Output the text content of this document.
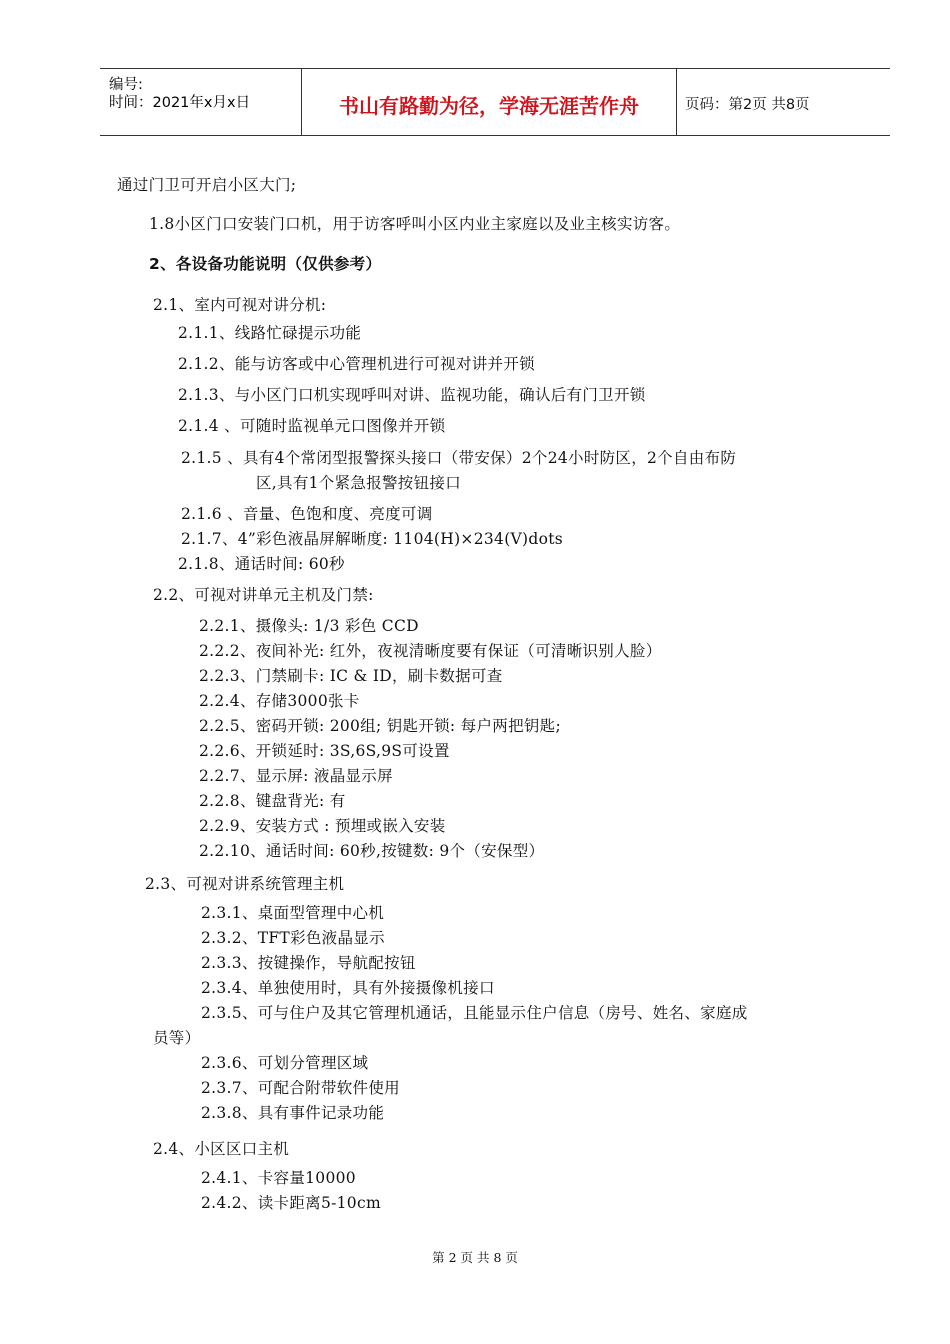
编号:
时间：2021年x月x日	书山有路勤为径，学海无涯苦作舟	页码：第2页 共8页
通过门卫可开启小区大门;
1.8小区门口安装门口机，用于访客呼叫小区内业主家庭以及业主核实访客。
2、各设备功能说明（仅供参考）
2.1、室内可视对讲分机:
2.1.1、线路忙碌提示功能
2.1.2、能与访客或中心管理机进行可视对讲并开锁
2.1.3、与小区门口机实现呼叫对讲、监视功能，确认后有门卫开锁
2.1.4 、可随时监视单元口图像并开锁
2.1.5 、具有4个常闭型报警探头接口（带安保）2个24小时防区，2个自由布防
区,具有1个紧急报警按钮接口
2.1.6 、音量、色饱和度、亮度可调
2.1.7、4”彩色液晶屏解晰度: 1104(H)×234(V)dots
2.1.8、通话时间: 60秒
2.2、可视对讲单元主机及门禁:
2.2.1、摄像头: 1/3 彩色 CCD
2.2.2、夜间补光: 红外，夜视清晰度要有保证（可清晰识别人脸）
2.2.3、门禁刷卡: IC & ID，刷卡数据可查
2.2.4、存储3000张卡
2.2.5、密码开锁: 200组; 钥匙开锁: 每户两把钥匙;
2.2.6、开锁延时: 3S,6S,9S可设置
2.2.7、显示屏: 液晶显示屏
2.2.8、键盘背光: 有
2.2.9、安装方式 : 预埋或嵌入安装
2.2.10、通话时间: 60秒,按键数: 9个（安保型）
2.3、可视对讲系统管理主机
2.3.1、桌面型管理中心机
2.3.2、TFT彩色液晶显示
2.3.3、按键操作，导航配按钮
2.3.4、单独使用时，具有外接摄像机接口
2.3.5、可与住户及其它管理机通话，且能显示住户信息（房号、姓名、家庭成
员等）
2.3.6、可划分管理区域
2.3.7、可配合附带软件使用
2.3.8、具有事件记录功能
2.4、小区区口主机
2.4.1、卡容量10000
2.4.2、读卡距离5-10cm
第 2 页 共 8 页
